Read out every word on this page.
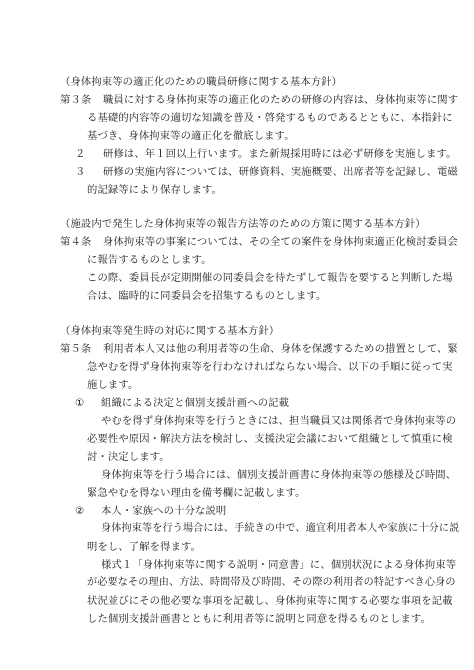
（身体拘束等の適正化のための職員研修に関する基本方針）
第３条 職員に対する身体拘束等の適正化のための研修の内容は、身体拘束等に関す
る基礎的内容等の適切な知識を普及・啓発するものであるとともに、本指針に
基づき、身体拘束等の適正化を徹底します。
２ 研修は、年１回以上行います。また新規採用時には必ず研修を実施します。
３ 研修の実施内容については、研修資料、実施概要、出席者等を記録し、電磁
的記録等により保存します。
（施設内で発生した身体拘束等の報告方法等のための方策に関する基本方針）
第４条 身体拘束等の事案については、その全ての案件を身体拘束適正化検討委員会
に報告するものとします。
この際、委員長が定期開催の同委員会を待たずして報告を要すると判断した場
合は、臨時的に同委員会を招集するものとします。
（身体拘束等発生時の対応に関する基本方針）
第５条 利用者本人又は他の利用者等の生命、身体を保護するための措置として、緊
急やむを得ず身体拘束等を行わなければならない場合、以下の手順に従って実
施します。
① 組織による決定と個別支援計画への記載
やむを得ず身体拘束等を行うときには、担当職員又は関係者で身体拘束等の
必要性や原因・解決方法を検討し、支援決定会議において組織として慎重に検
討・決定します。
身体拘束等を行う場合には、個別支援計画書に身体拘束等の態様及び時間、
緊急やむを得ない理由を備考欄に記載します。
② 本人・家族への十分な説明
身体拘束等を行う場合には、手続きの中で、適宜利用者本人や家族に十分に説
明をし、了解を得ます。
様式１「身体拘束等に関する説明・同意書」に、個別状況による身体拘束等
が必要なその理由、方法、時間帯及び時間、その際の利用者の特記すべき心身の
状況並びにその他必要な事項を記載し、身体拘束等に関する必要な事項を記載
した個別支援計画書とともに利用者等に説明と同意を得るものとします。
